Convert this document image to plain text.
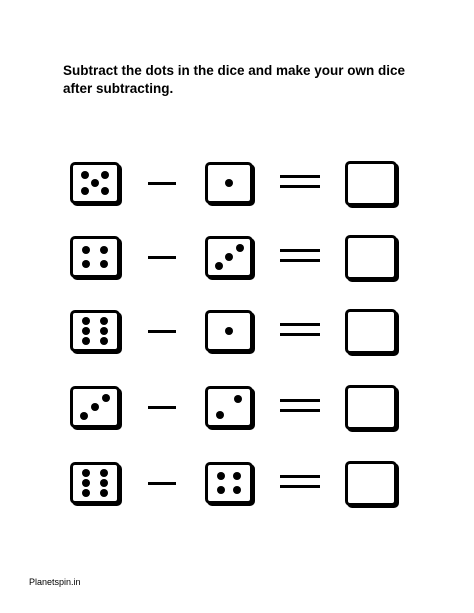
Subtract the dots in the dice and make your own dice after subtracting.
Planetspin.in
